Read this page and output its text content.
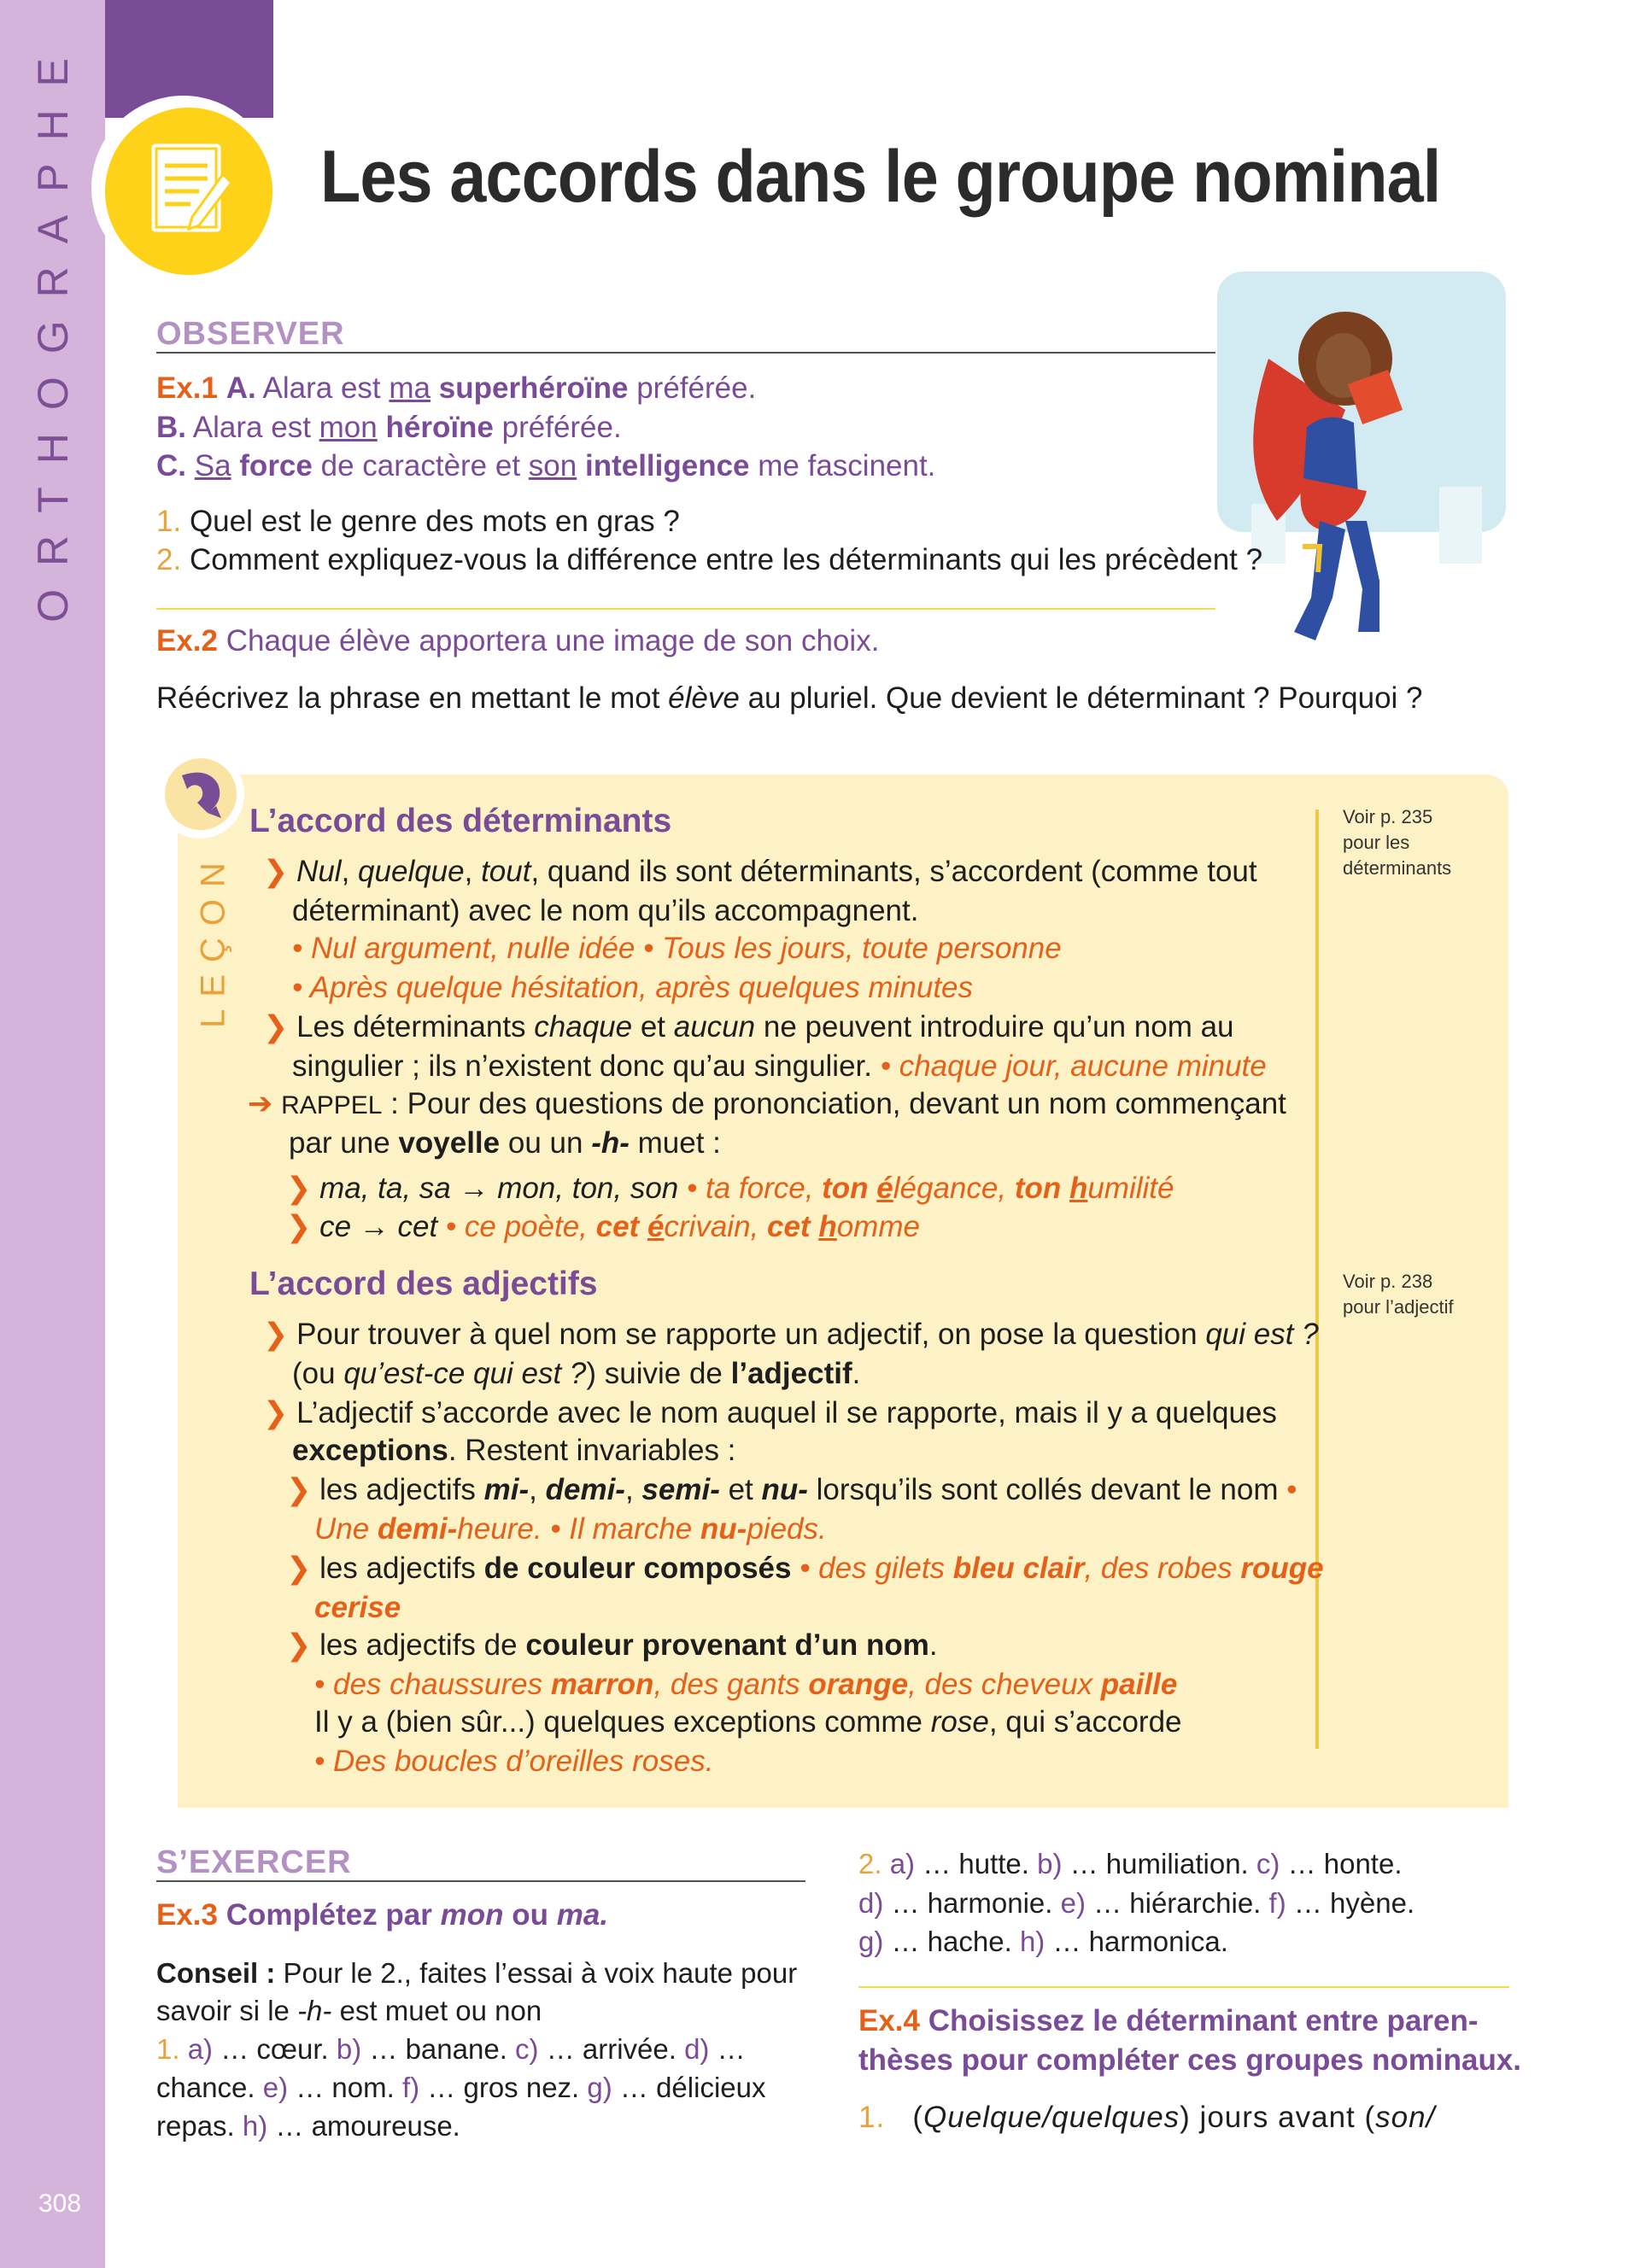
ORTHOGRAPHE
308
Les accords dans le groupe nominal
OBSERVER
Ex.1 A. Alara est ma superhéroïne préférée.
B. Alara est mon héroïne préférée.
C. Sa force de caractère et son intelligence me fascinent.
1. Quel est le genre des mots en gras ?
2. Comment expliquez-vous la différence entre les déterminants qui les précèdent ?
Ex.2 Chaque élève apportera une image de son choix.
Réécrivez la phrase en mettant le mot élève au pluriel. Que devient le déterminant ? Pourquoi ?
LEÇON
Voir p. 235
pour les
déterminants
Voir p. 238
pour l’adjectif
L’accord des déterminants
❯ Nul, quelque, tout, quand ils sont déterminants, s’accordent (comme tout
déterminant) avec le nom qu’ils accompagnent.
• Nul argument, nulle idée • Tous les jours, toute personne
• Après quelque hésitation, après quelques minutes
❯ Les déterminants chaque et aucun ne peuvent introduire qu’un nom au
singulier ; ils n’existent donc qu’au singulier. • chaque jour, aucune minute
➔ RAPPEL : Pour des questions de prononciation, devant un nom commençant
par une voyelle ou un -h- muet :
❯ ma, ta, sa → mon, ton, son • ta force, ton élégance, ton humilité
❯ ce → cet • ce poète, cet écrivain, cet homme
L’accord des adjectifs
❯ Pour trouver à quel nom se rapporte un adjectif, on pose la question qui est ?
(ou qu’est-ce qui est ?) suivie de l’adjectif.
❯ L’adjectif s’accorde avec le nom auquel il se rapporte, mais il y a quelques
exceptions. Restent invariables :
❯ les adjectifs mi-, demi-, semi- et nu- lorsqu’ils sont collés devant le nom •
Une demi-heure. • Il marche nu-pieds.
❯ les adjectifs de couleur composés • des gilets bleu clair, des robes rouge
cerise
❯ les adjectifs de couleur provenant d’un nom.
• des chaussures marron, des gants orange, des cheveux paille
Il y a (bien sûr...) quelques exceptions comme rose, qui s’accorde
• Des boucles d’oreilles roses.
S’EXERCER
Ex.3 Complétez par mon ou ma.
Conseil : Pour le 2., faites l’essai à voix haute pour
savoir si le -h- est muet ou non
1. a) … cœur. b) … banane. c) … arrivée. d) …
chance. e) … nom. f) … gros nez. g) … délicieux
repas. h) … amoureuse.
2. a) … hutte. b) … humiliation. c) … honte.
d) … harmonie. e) … hiérarchie. f) … hyène.
g) … hache. h) … harmonica.
Ex.4 Choisissez le déterminant entre paren-
thèses pour compléter ces groupes nominaux.
1. (Quelque/quelques) jours avant (son/
